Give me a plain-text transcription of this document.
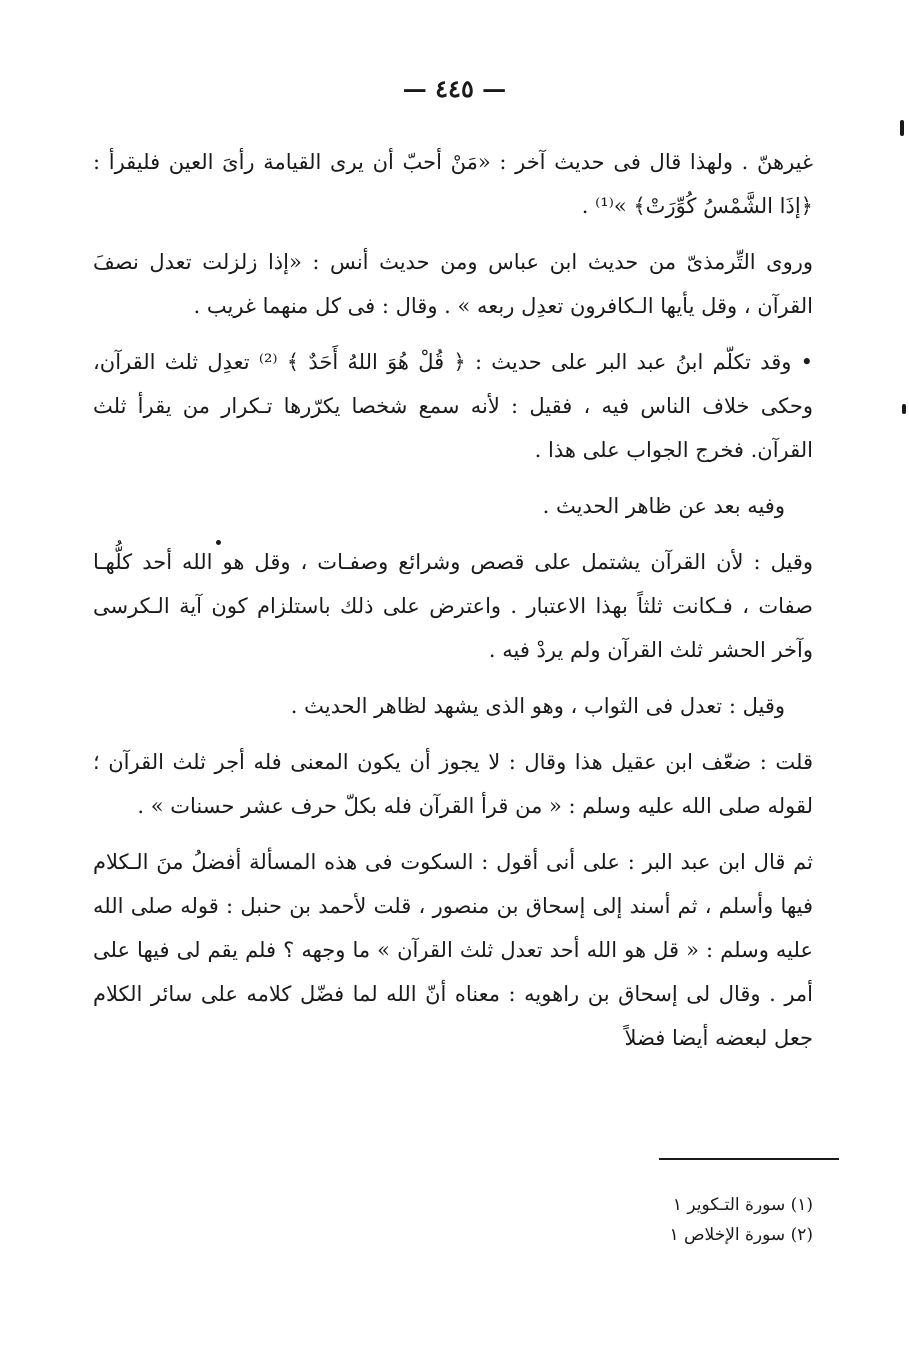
— ٤٤٥ —

غيرهنّ . ولهذا قال فى حديث آخر : «مَنْ أحبّ أن يرى القيامة رأىَ العين فليقرأ : ﴿إذَا الشَّمْسُ كُوِّرَتْ﴾ »⁽¹⁾ .

وروى التِّرمذىّ من حديث ابن عباس ومن حديث أنس : «إذا زلزلت تعدل نصفَ القرآن ، وقل يأيها الـكافرون تعدِل ربعه » . وقال : فى كل منهما غريب .

• وقد تكلّم ابنُ عبد البر على حديث : ﴿ قُلْ هُوَ اللهُ أَحَدٌ ﴾ ⁽²⁾ تعدِل ثلث القرآن، وحكى خلاف الناس فيه ، فقيل : لأنه سمع شخصا يكرّرها تـكرار من يقرأ ثلث القرآن. فخرج الجواب على هذا .

وفيه بعد عن ظاهر الحديث .

وقيل : لأن القرآن يشتمل على قصص وشرائع وصفـات ، وقل هو الله أحد كلُّهـا صفات ، فـكانت ثلثاً بهذا الاعتبار . واعترض على ذلك باستلزام كون آية الـكرسى وآخر الحشر ثلث القرآن ولم يردْ فيه .

وقيل : تعدل فى الثواب ، وهو الذى يشهد لظاهر الحديث .

قلت : ضعّف ابن عقيل هذا وقال : لا يجوز أن يكون المعنى فله أجر ثلث القرآن ؛ لقوله صلى الله عليه وسلم : « من قرأ القرآن فله بكلّ حرف عشر حسنات » .

ثم قال ابن عبد البر : على أنى أقول : السكوت فى هذه المسألة أفضلُ منَ الـكلام فيها وأسلم ، ثم أسند إلى إسحاق بن منصور ، قلت لأحمد بن حنبل : قوله صلى الله عليه وسلم : « قل هو الله أحد تعدل ثلث القرآن » ما وجهه ؟ فلم يقم لى فيها على أمر . وقال لى إسحاق بن راهويه : معناه أنّ الله لما فضّل كلامه على سائر الكلام جعل لبعضه أيضا فضلاً

(١) سورة التـكوير ١

(٢) سورة الإخلاص ١
